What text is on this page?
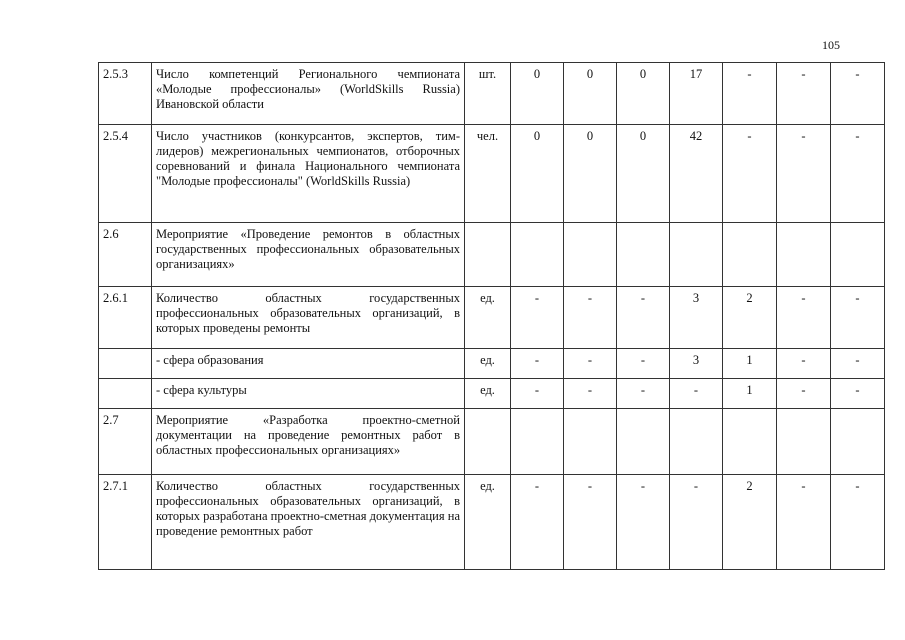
105
2.5.3	Число компетенций Регионального чемпионата «Молодые профессионалы» (WorldSkills Russia) Ивановской области	шт.	0	0	0	17	-	-	-
2.5.4	Число участников (конкурсантов, экспертов, тим-лидеров) межрегиональных чемпионатов, отборочных соревнований и финала Национального чемпионата "Молодые профессионалы" (WorldSkills Russia)	чел.	0	0	0	42	-	-	-
2.6	Мероприятие «Проведение ремонтов в областных государственных профессиональных образовательных организациях»								
2.6.1	Количество областных государственных профессиональных образовательных организаций, в которых проведены ремонты	ед.	-	-	-	3	2	-	-
	- сфера образования	ед.	-	-	-	3	1	-	-
	- сфера культуры	ед.	-	-	-	-	1	-	-
2.7	Мероприятие «Разработка проектно-сметной документации на проведение ремонтных работ в областных профессиональных организациях»								
2.7.1	Количество областных государственных профессиональных образовательных организаций, в которых разработана проектно-сметная документация на проведение ремонтных работ	ед.	-	-	-	-	2	-	-
